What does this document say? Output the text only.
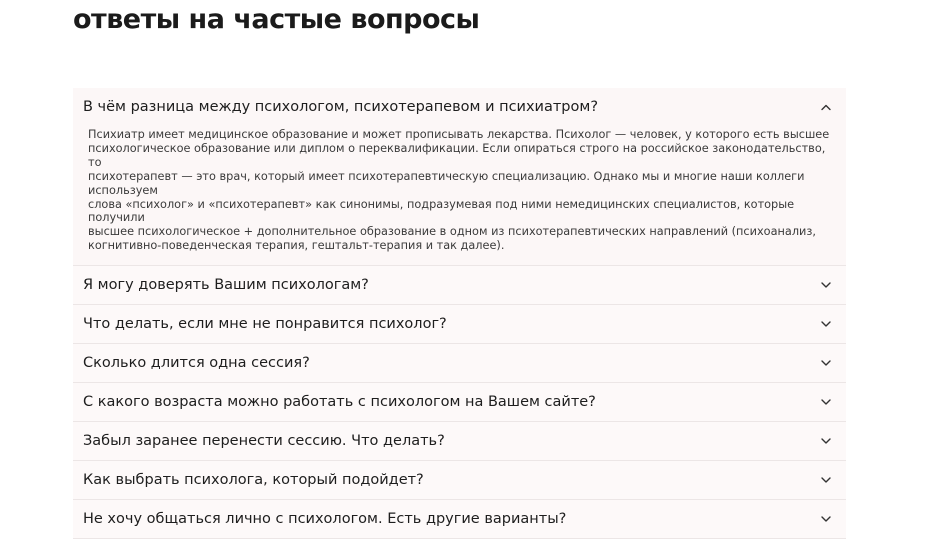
ответы на частые вопросы
В чём разница между психологом, психотерапевом и психиатром?
Психиатр имеет медицинское образование и может прописывать лекарства. Психолог — человек, у которого есть высшее
психологическое образование или диплом о переквалификации. Если опираться строго на российское законодательство, то
психотерапевт — это врач, который имеет психотерапевтическую специализацию. Однако мы и многие наши коллеги используем
слова «психолог» и «психотерапевт» как синонимы, подразумевая под ними немедицинских специалистов, которые получили
высшее психологическое + дополнительное образование в одном из психотерапевтических направлений (психоанализ,
когнитивно-поведенческая терапия, гештальт-терапия и так далее).
Я могу доверять Вашим психологам?
Что делать, если мне не понравится психолог?
Сколько длится одна сессия?
С какого возраста можно работать с психологом на Вашем сайте?
Забыл заранее перенести сессию. Что делать?
Как выбрать психолога, который подойдет?
Не хочу общаться лично с психологом. Есть другие варианты?
